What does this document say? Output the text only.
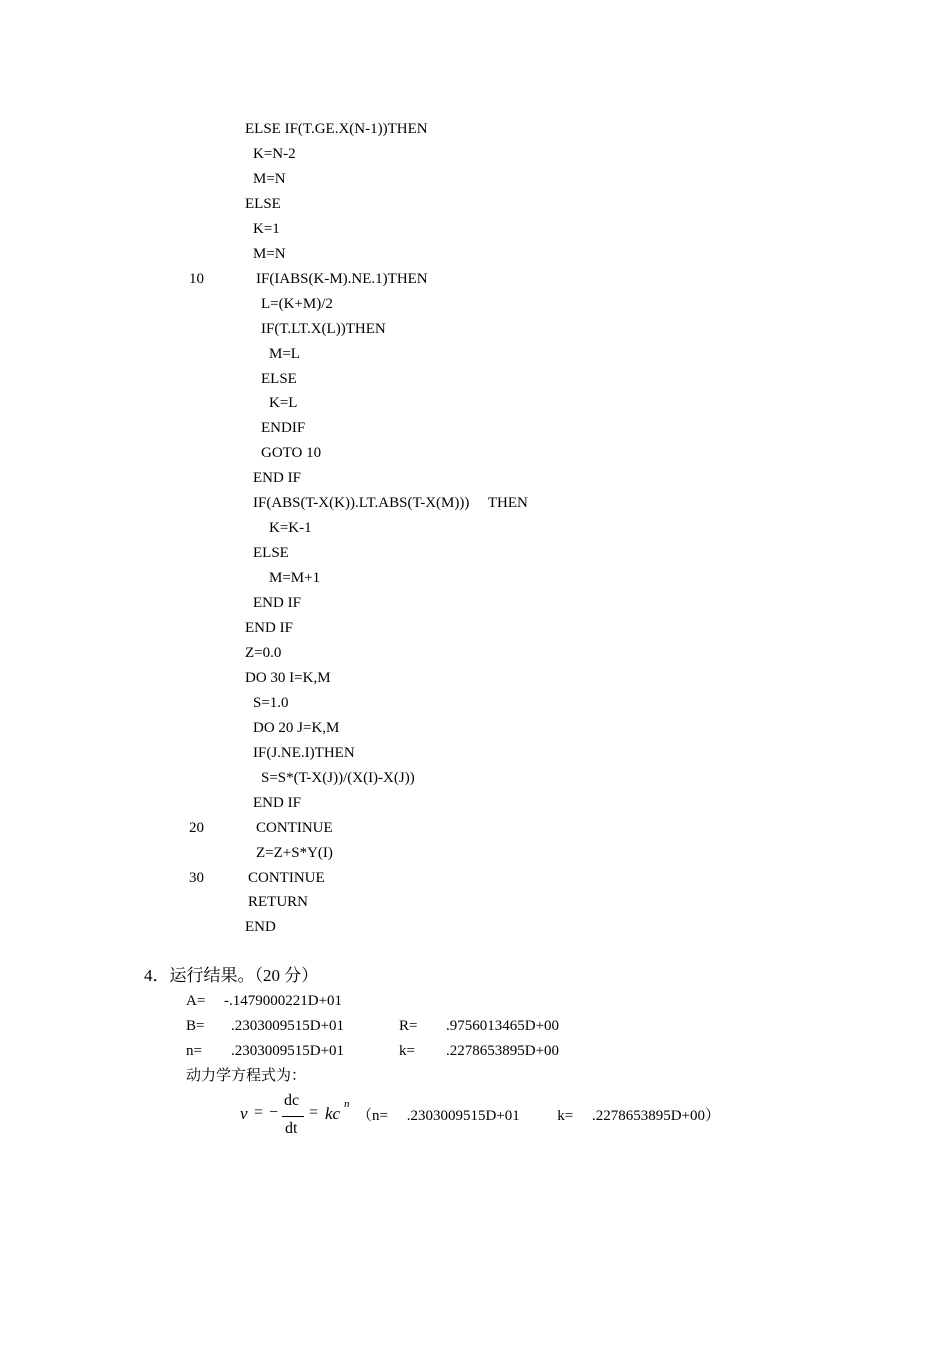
ELSE IF(T.GE.X(N-1))THEN
K=N-2
M=N
ELSE
K=1
M=N
IF(IABS(K-M).NE.1)THEN
10
L=(K+M)/2
IF(T.LT.X(L))THEN
M=L
ELSE
K=L
ENDIF
GOTO 10
END IF
IF(ABS(T-X(K)).LT.ABS(T-X(M)))     THEN
K=K-1
ELSE
M=M+1
END IF
END IF
Z=0.0
DO 30 I=K,M
S=1.0
DO 20 J=K,M
IF(J.NE.I)THEN
S=S*(T-X(J))/(X(I)-X(J))
END IF
CONTINUE
20
Z=Z+S*Y(I)
CONTINUE
30
RETURN
END
4．运行结果。（20 分）
A= -.1479000221D+01
B= .2303009515D+01	R= .9756013465D+00
n= .2303009515D+01	k= .2278653895D+00
动力学方程式为：
v = −
dc
dt
= kc n
（n=     .2303009515D+01          k=     .2278653895D+00）
